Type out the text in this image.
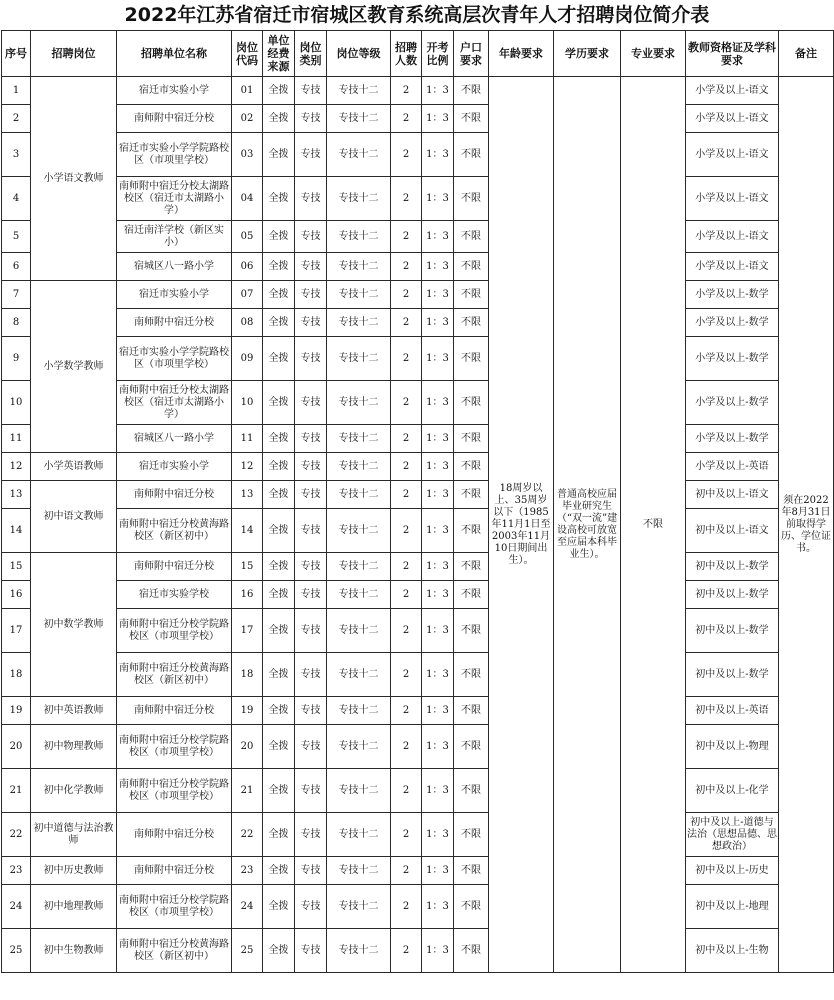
2022年江苏省宿迁市宿城区教育系统高层次青年人才招聘岗位简介表
序号	招聘岗位	招聘单位名称	岗位代码	单位经费来源	岗位类别	岗位等级	招聘人数	开考比例	户口要求	年龄要求	学历要求	专业要求	教师资格证及学科要求	备注
1	小学语文教师	宿迁市实验小学	01	全拨	专技	专技十二	2	1：3	不限	18周岁以上、35周岁以下（1985年11月1日至2003年11月10日期间出生）。	普通高校应届毕业研究生（“双一流”建设高校可放宽至应届本科毕业生）。	不限	小学及以上-语文	须在2022年8月31日前取得学历、学位证书。
2		南师附中宿迁分校	02	全拨	专技	专技十二	2	1：3	不限				小学及以上-语文	
3		宿迁市实验小学学院路校区（市项里学校）	03	全拨	专技	专技十二	2	1：3	不限				小学及以上-语文	
4		南师附中宿迁分校太湖路校区（宿迁市太湖路小学）	04	全拨	专技	专技十二	2	1：3	不限				小学及以上-语文	
5		宿迁南洋学校（新区实小）	05	全拨	专技	专技十二	2	1：3	不限				小学及以上-语文	
6		宿城区八一路小学	06	全拨	专技	专技十二	2	1：3	不限				小学及以上-语文	
7	小学数学教师	宿迁市实验小学	07	全拨	专技	专技十二	2	1：3	不限				小学及以上-数学	
8		南师附中宿迁分校	08	全拨	专技	专技十二	2	1：3	不限				小学及以上-数学	
9		宿迁市实验小学学院路校区（市项里学校）	09	全拨	专技	专技十二	2	1：3	不限				小学及以上-数学	
10		南师附中宿迁分校太湖路校区（宿迁市太湖路小学）	10	全拨	专技	专技十二	2	1：3	不限				小学及以上-数学	
11		宿城区八一路小学	11	全拨	专技	专技十二	2	1：3	不限				小学及以上-数学	
12	小学英语教师	宿迁市实验小学	12	全拨	专技	专技十二	2	1：3	不限				小学及以上-英语	
13	初中语文教师	南师附中宿迁分校	13	全拨	专技	专技十二	2	1：3	不限				初中及以上-语文	
14		南师附中宿迁分校黄海路校区（新区初中）	14	全拨	专技	专技十二	2	1：3	不限				初中及以上-语文	
15	初中数学教师	南师附中宿迁分校	15	全拨	专技	专技十二	2	1：3	不限				初中及以上-数学	
16		宿迁市实验学校	16	全拨	专技	专技十二	2	1：3	不限				初中及以上-数学	
17		南师附中宿迁分校学院路校区（市项里学校）	17	全拨	专技	专技十二	2	1：3	不限				初中及以上-数学	
18		南师附中宿迁分校黄海路校区（新区初中）	18	全拨	专技	专技十二	2	1：3	不限				初中及以上-数学	
19	初中英语教师	南师附中宿迁分校	19	全拨	专技	专技十二	2	1：3	不限				初中及以上-英语	
20	初中物理教师	南师附中宿迁分校学院路校区（市项里学校）	20	全拨	专技	专技十二	2	1：3	不限				初中及以上-物理	
21	初中化学教师	南师附中宿迁分校学院路校区（市项里学校）	21	全拨	专技	专技十二	2	1：3	不限				初中及以上-化学	
22	初中道德与法治教师	南师附中宿迁分校	22	全拨	专技	专技十二	2	1：3	不限				初中及以上-道德与法治（思想品德、思想政治）	
23	初中历史教师	南师附中宿迁分校	23	全拨	专技	专技十二	2	1：3	不限				初中及以上-历史	
24	初中地理教师	南师附中宿迁分校学院路校区（市项里学校）	24	全拨	专技	专技十二	2	1：3	不限				初中及以上-地理	
25	初中生物教师	南师附中宿迁分校黄海路校区（新区初中）	25	全拨	专技	专技十二	2	1：3	不限				初中及以上-生物	
